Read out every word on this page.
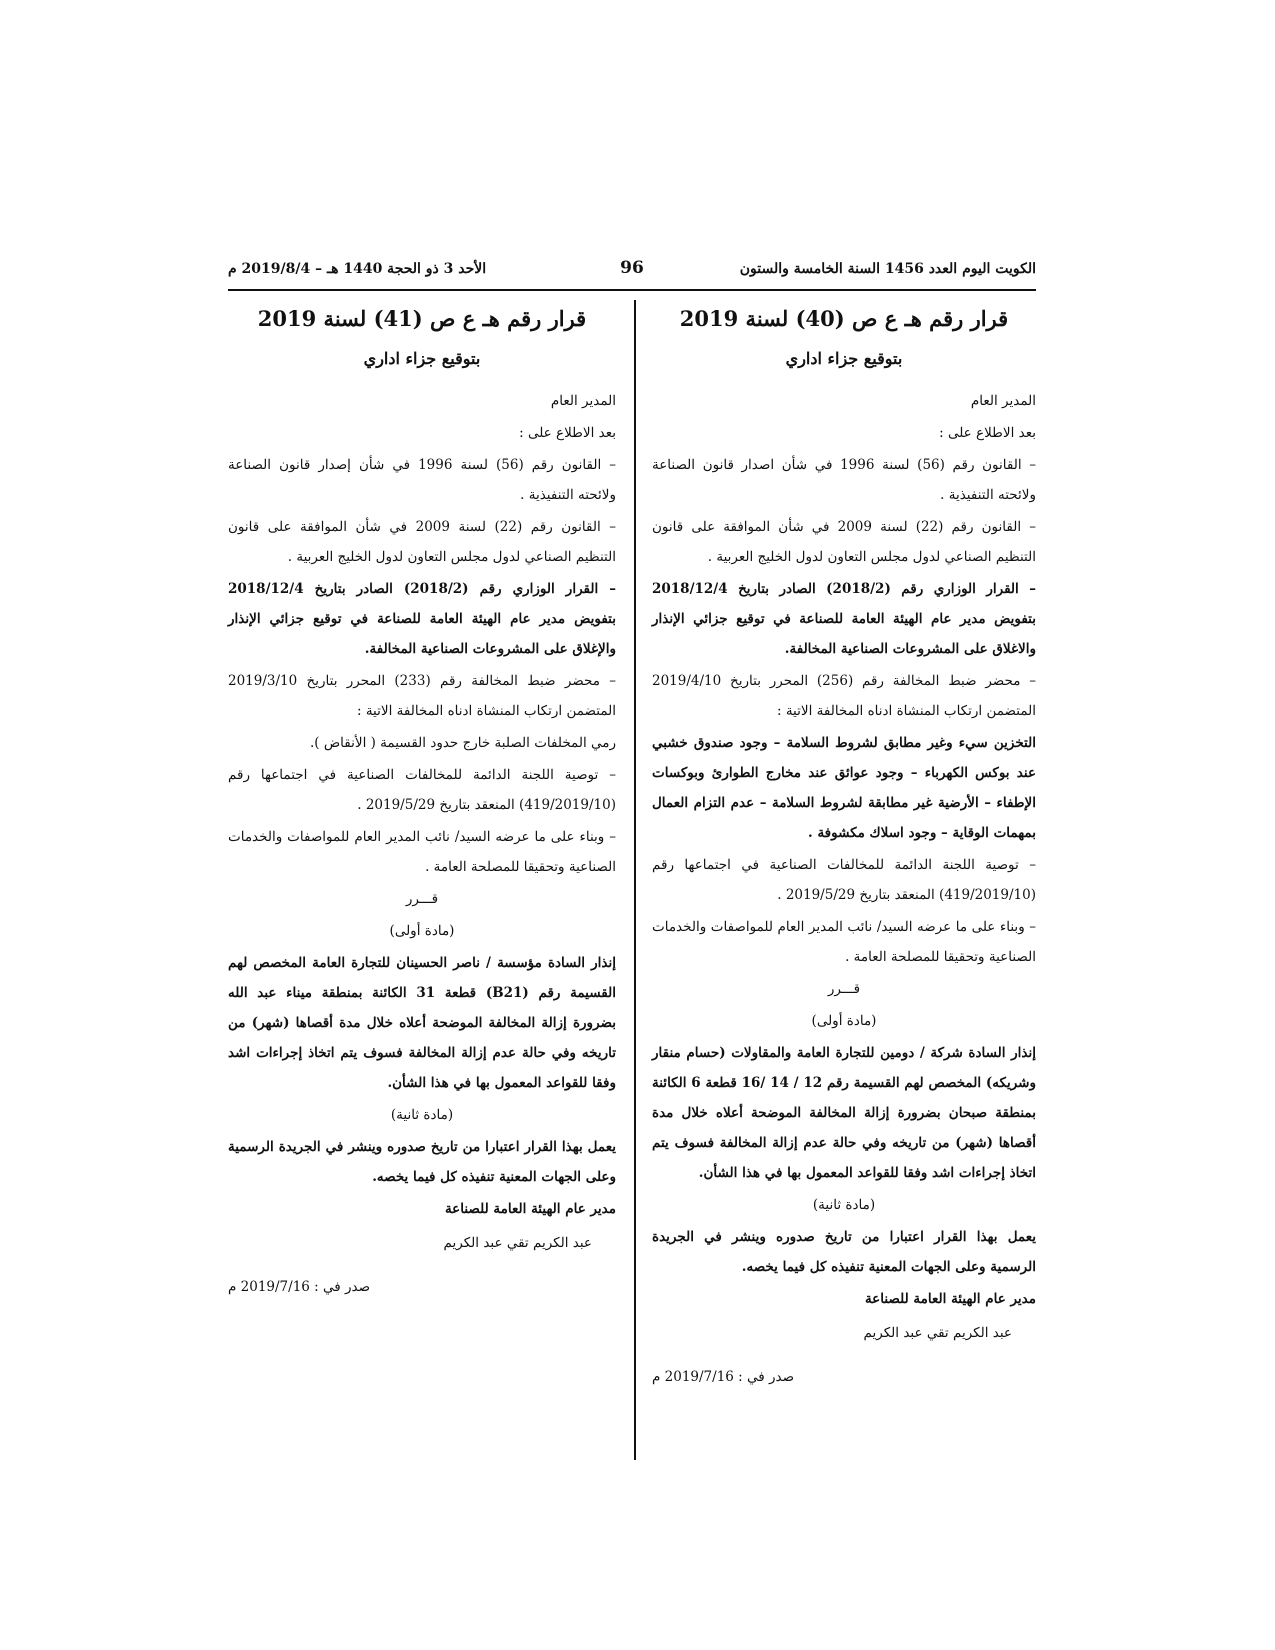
الكويت اليوم العدد 1456 السنة الخامسة والستون
96
الأحد 3 ذو الحجة 1440 هـ – 2019/8/4 م
قرار رقم هـ ع ص (40) لسنة 2019
بتوقيع جزاء اداري

المدير العام

بعد الاطلاع على :

– القانون رقم (56) لسنة 1996 في شأن اصدار قانون الصناعة ولائحته التنفيذية .

– القانون رقم (22) لسنة 2009 في شأن الموافقة على قانون التنظيم الصناعي لدول مجلس التعاون لدول الخليج العربية .

– القرار الوزاري رقم (2018/2) الصادر بتاريخ 2018/12/4 بتفويض مدير عام الهيئة العامة للصناعة في توقيع جزائي الإنذار والاغلاق على المشروعات الصناعية المخالفة.

– محضر ضبط المخالفة رقم (256) المحرر بتاريخ 2019/4/10 المتضمن ارتكاب المنشاة ادناه المخالفة الاتية :

التخزين سيء وغير مطابق لشروط السلامة – وجود صندوق خشبي عند بوكس الكهرباء – وجود عوائق عند مخارج الطوارئ وبوكسات الإطفاء – الأرضية غير مطابقة لشروط السلامة – عدم التزام العمال بمهمات الوقاية – وجود اسلاك مكشوفة .

– توصية اللجنة الدائمة للمخالفات الصناعية في اجتماعها رقم (419/2019/10) المنعقد بتاريخ 2019/5/29 .

– وبناء على ما عرضه السيد/ نائب المدير العام للمواصفات والخدمات الصناعية وتحقيقا للمصلحة العامة .

قـــرر

(مادة أولى)

إنذار السادة شركة / دومين للتجارة العامة والمقاولات (حسام منقار وشريكه) المخصص لهم القسيمة رقم 12 / 14 /16 قطعة 6 الكائنة بمنطقة صبحان بضرورة إزالة المخالفة الموضحة أعلاه خلال مدة أقصاها (شهر) من تاريخه وفي حالة عدم إزالة المخالفة فسوف يتم اتخاذ إجراءات اشد وفقا للقواعد المعمول بها في هذا الشأن.

(مادة ثانية)

يعمل بهذا القرار اعتبارا من تاريخ صدوره وينشر في الجريدة الرسمية وعلى الجهات المعنية تنفيذه كل فيما يخصه.

مدير عام الهيئة العامة للصناعة

عبد الكريم تقي عبد الكريم

صدر في : 2019/7/16 م
قرار رقم هـ ع ص (41) لسنة 2019
بتوقيع جزاء اداري

المدير العام

بعد الاطلاع على :

– القانون رقم (56) لسنة 1996 في شأن إصدار قانون الصناعة ولائحته التنفيذية .

– القانون رقم (22) لسنة 2009 في شأن الموافقة على قانون التنظيم الصناعي لدول مجلس التعاون لدول الخليج العربية .

– القرار الوزاري رقم (2018/2) الصادر بتاريخ 2018/12/4 بتفويض مدير عام الهيئة العامة للصناعة في توقيع جزائي الإنذار والإغلاق على المشروعات الصناعية المخالفة.

– محضر ضبط المخالفة رقم (233) المحرر بتاريخ 2019/3/10 المتضمن ارتكاب المنشاة ادناه المخالفة الاتية :

رمي المخلفات الصلبة خارج حدود القسيمة ( الأنقاض ).

– توصية اللجنة الدائمة للمخالفات الصناعية في اجتماعها رقم (419/2019/10) المنعقد بتاريخ 2019/5/29 .

– وبناء على ما عرضه السيد/ نائب المدير العام للمواصفات والخدمات الصناعية وتحقيقا للمصلحة العامة .

قـــرر

(مادة أولى)

إنذار السادة مؤسسة / ناصر الحسينان للتجارة العامة المخصص لهم القسيمة رقم (B21) قطعة 31 الكائنة بمنطقة ميناء عبد الله بضرورة إزالة المخالفة الموضحة أعلاه خلال مدة أقصاها (شهر) من تاريخه وفي حالة عدم إزالة المخالفة فسوف يتم اتخاذ إجراءات اشد وفقا للقواعد المعمول بها في هذا الشأن.

(مادة ثانية)

يعمل بهذا القرار اعتبارا من تاريخ صدوره وينشر في الجريدة الرسمية وعلى الجهات المعنية تنفيذه كل فيما يخصه.

مدير عام الهيئة العامة للصناعة

عبد الكريم تقي عبد الكريم

صدر في : 2019/7/16 م
